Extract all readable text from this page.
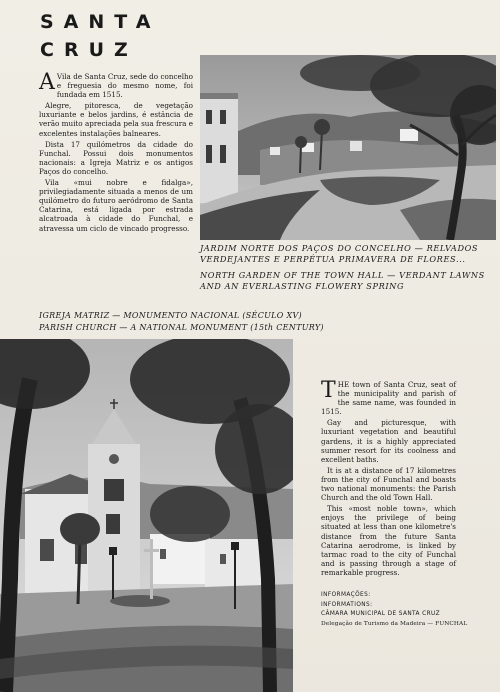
SANTA
CRUZ

A Vila de Santa Cruz, sede do concelho e freguesia do mesmo nome, foi fundada em 1515.

Alegre, pitoresca, de vegetação luxuriante e belos jardins, é estância de verão muito apreciada pela sua frescura e excelentes instalações balneares.

Dista 17 quilómetros da cidade do Funchal. Possui dois monumentos nacionais: a Igreja Matriz e os antigos Paços do concelho.

Vila «mui nobre e fidalga», privilegiadamente situada a menos de um quilómetro do futuro aeródromo de Santa Catarina, está ligada por estrada alcatroada à cidade do Funchal, e atravessa um ciclo de vincado progresso.

JARDIM NORTE DOS PAÇOS DO CONCELHO — RELVADOS
VERDEJANTES E PERPÉTUA PRIMAVERA DE FLORES...
NORTH GARDEN OF THE TOWN HALL — VERDANT LAWNS
AND AN EVERLASTING FLOWERY SPRING
IGREJA MATRIZ — MONUMENTO NACIONAL (SÉCULO XV)
PARISH CHURCH — A NATIONAL MONUMENT (15th CENTURY)

THE town of Santa Cruz, seat of the municipality and parish of the same name, was founded in 1515.

Gay and picturesque, with luxuriant vegetation and beautiful gardens, it is a highly appreciated summer resort for its coolness and excellent baths.

It is at a distance of 17 kilometres from the city of Funchal and boasts two national monuments: the Parish Church and the old Town Hall.

This «most noble town», which enjoys the privilege of being situated at less than one kilometre's distance from the future Santa Catarina aerodrome, is linked by tarmac road to the city of Funchal and is passing through a stage of remarkable progress.

INFORMAÇÕES:
INFORMATIONS:
CÂMARA MUNICIPAL DE SANTA CRUZ
Delegação de Turismo da Madeira — FUNCHAL
